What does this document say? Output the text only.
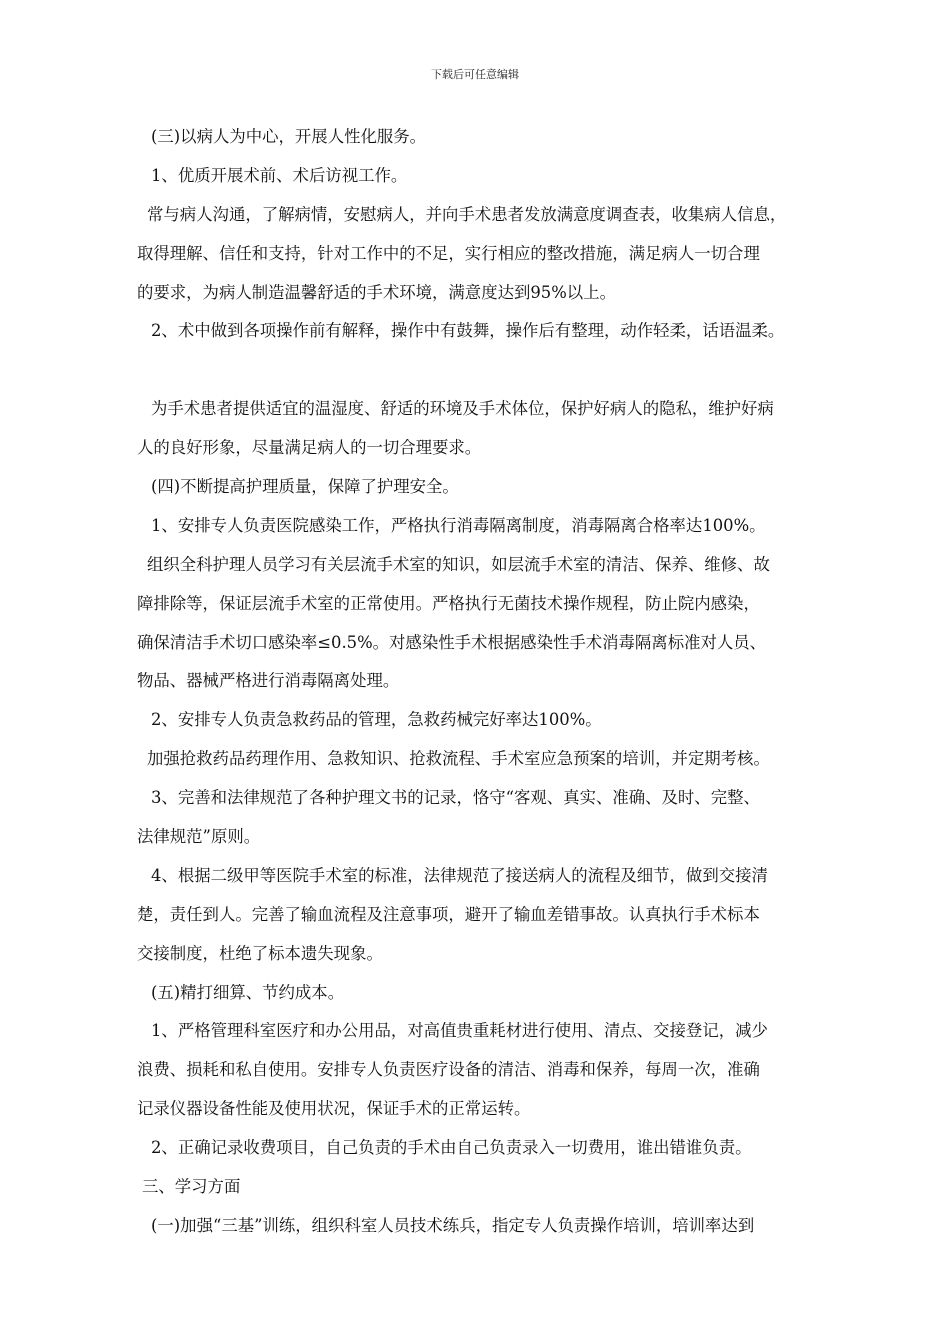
下载后可任意编辑
(三)以病人为中心，开展人性化服务。
1、优质开展术前、术后访视工作。
常与病人沟通，了解病情，安慰病人，并向手术患者发放满意度调查表，收集病人信息，
取得理解、信任和支持，针对工作中的不足，实行相应的整改措施，满足病人一切合理
的要求，为病人制造温馨舒适的手术环境，满意度达到95%以上。
2、术中做到各项操作前有解释，操作中有鼓舞，操作后有整理，动作轻柔，话语温柔。
为手术患者提供适宜的温湿度、舒适的环境及手术体位，保护好病人的隐私，维护好病
人的良好形象，尽量满足病人的一切合理要求。
(四)不断提高护理质量，保障了护理安全。
1、安排专人负责医院感染工作，严格执行消毒隔离制度，消毒隔离合格率达100%。
组织全科护理人员学习有关层流手术室的知识，如层流手术室的清洁、保养、维修、故
障排除等，保证层流手术室的正常使用。严格执行无菌技术操作规程，防止院内感染，
确保清洁手术切口感染率≤0.5%。对感染性手术根据感染性手术消毒隔离标准对人员、
物品、器械严格进行消毒隔离处理。
2、安排专人负责急救药品的管理，急救药械完好率达100%。
加强抢救药品药理作用、急救知识、抢救流程、手术室应急预案的培训，并定期考核。
3、完善和法律规范了各种护理文书的记录，恪守“客观、真实、准确、及时、完整、
法律规范”原则。
4、根据二级甲等医院手术室的标准，法律规范了接送病人的流程及细节，做到交接清
楚，责任到人。完善了输血流程及注意事项，避开了输血差错事故。认真执行手术标本
交接制度，杜绝了标本遗失现象。
(五)精打细算、节约成本。
1、严格管理科室医疗和办公用品，对高值贵重耗材进行使用、清点、交接登记，减少
浪费、损耗和私自使用。安排专人负责医疗设备的清洁、消毒和保养，每周一次，准确
记录仪器设备性能及使用状况，保证手术的正常运转。
2、正确记录收费项目，自己负责的手术由自己负责录入一切费用，谁出错谁负责。
三、学习方面
(一)加强“三基”训练，组织科室人员技术练兵，指定专人负责操作培训，培训率达到
